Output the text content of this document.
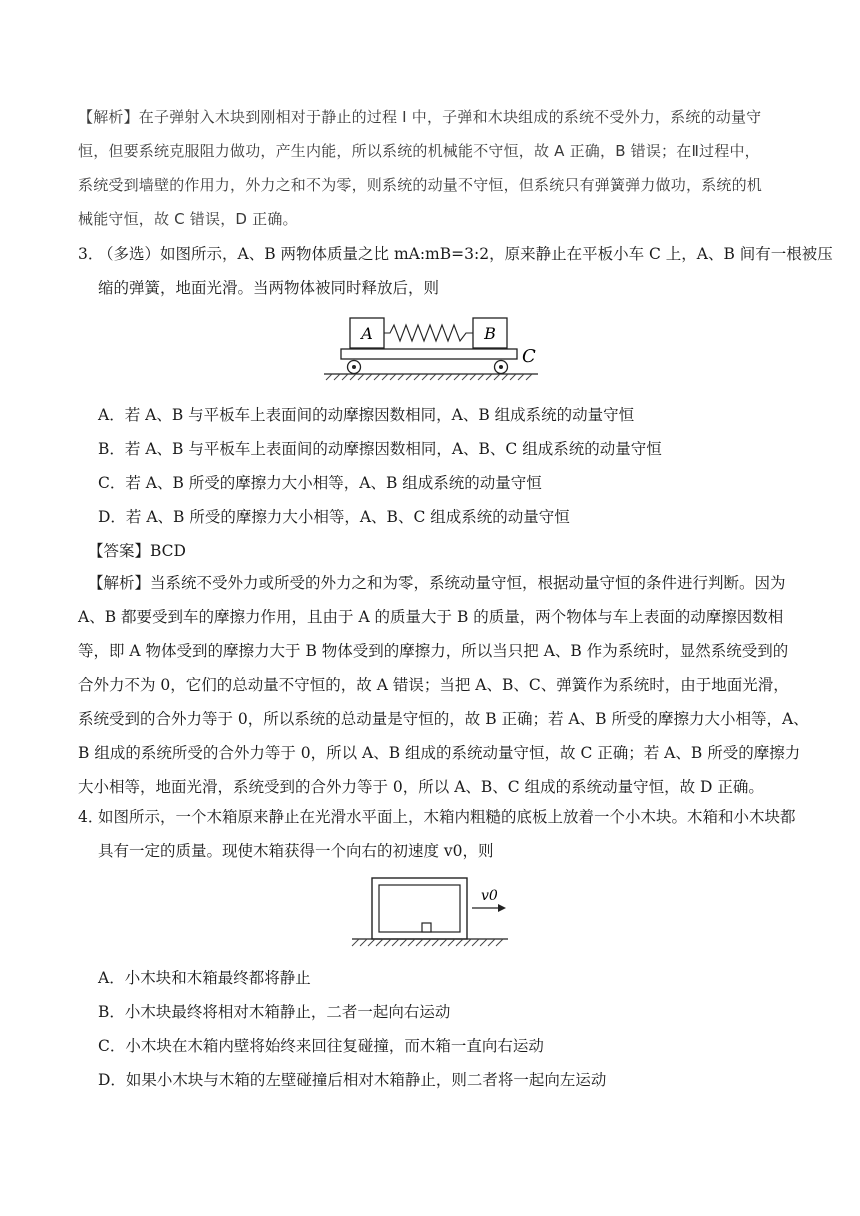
【解析】在子弹射入木块到刚相对于静止的过程 I 中，子弹和木块组成的系统不受外力，系统的动量守
恒，但要系统克服阻力做功，产生内能，所以系统的机械能不守恒，故 A 正确，B 错误；在Ⅱ过程中，
系统受到墙壁的作用力，外力之和不为零，则系统的动量不守恒，但系统只有弹簧弹力做功，系统的机
械能守恒，故 C 错误，D 正确。
3．（多选）如图所示，A、B 两物体质量之比 mA:mB=3:2，原来静止在平板小车 C 上，A、B 间有一根被压
缩的弹簧，地面光滑。当两物体被同时释放后，则
A	B
C
A．若 A、B 与平板车上表面间的动摩擦因数相同，A、B 组成系统的动量守恒
B．若 A、B 与平板车上表面间的动摩擦因数相同，A、B、C 组成系统的动量守恒
C．若 A、B 所受的摩擦力大小相等，A、B 组成系统的动量守恒
D．若 A、B 所受的摩擦力大小相等，A、B、C 组成系统的动量守恒
【答案】BCD
【解析】当系统不受外力或所受的外力之和为零，系统动量守恒，根据动量守恒的条件进行判断。因为
A、B 都要受到车的摩擦力作用，且由于 A 的质量大于 B 的质量，两个物体与车上表面的动摩擦因数相
等，即 A 物体受到的摩擦力大于 B 物体受到的摩擦力，所以当只把 A、B 作为系统时，显然系统受到的
合外力不为 0，它们的总动量不守恒的，故 A 错误；当把 A、B、C、弹簧作为系统时，由于地面光滑，
系统受到的合外力等于 0，所以系统的总动量是守恒的，故 B 正确；若 A、B 所受的摩擦力大小相等，A、
B 组成的系统所受的合外力等于 0，所以 A、B 组成的系统动量守恒，故 C 正确；若 A、B 所受的摩擦力
大小相等，地面光滑，系统受到的合外力等于 0，所以 A、B、C 组成的系统动量守恒，故 D 正确。
4．如图所示，一个木箱原来静止在光滑水平面上，木箱内粗糙的底板上放着一个小木块。木箱和小木块都
具有一定的质量。现使木箱获得一个向右的初速度 v0，则
v0
A．小木块和木箱最终都将静止
B．小木块最终将相对木箱静止，二者一起向右运动
C．小木块在木箱内壁将始终来回往复碰撞，而木箱一直向右运动
D．如果小木块与木箱的左壁碰撞后相对木箱静止，则二者将一起向左运动
